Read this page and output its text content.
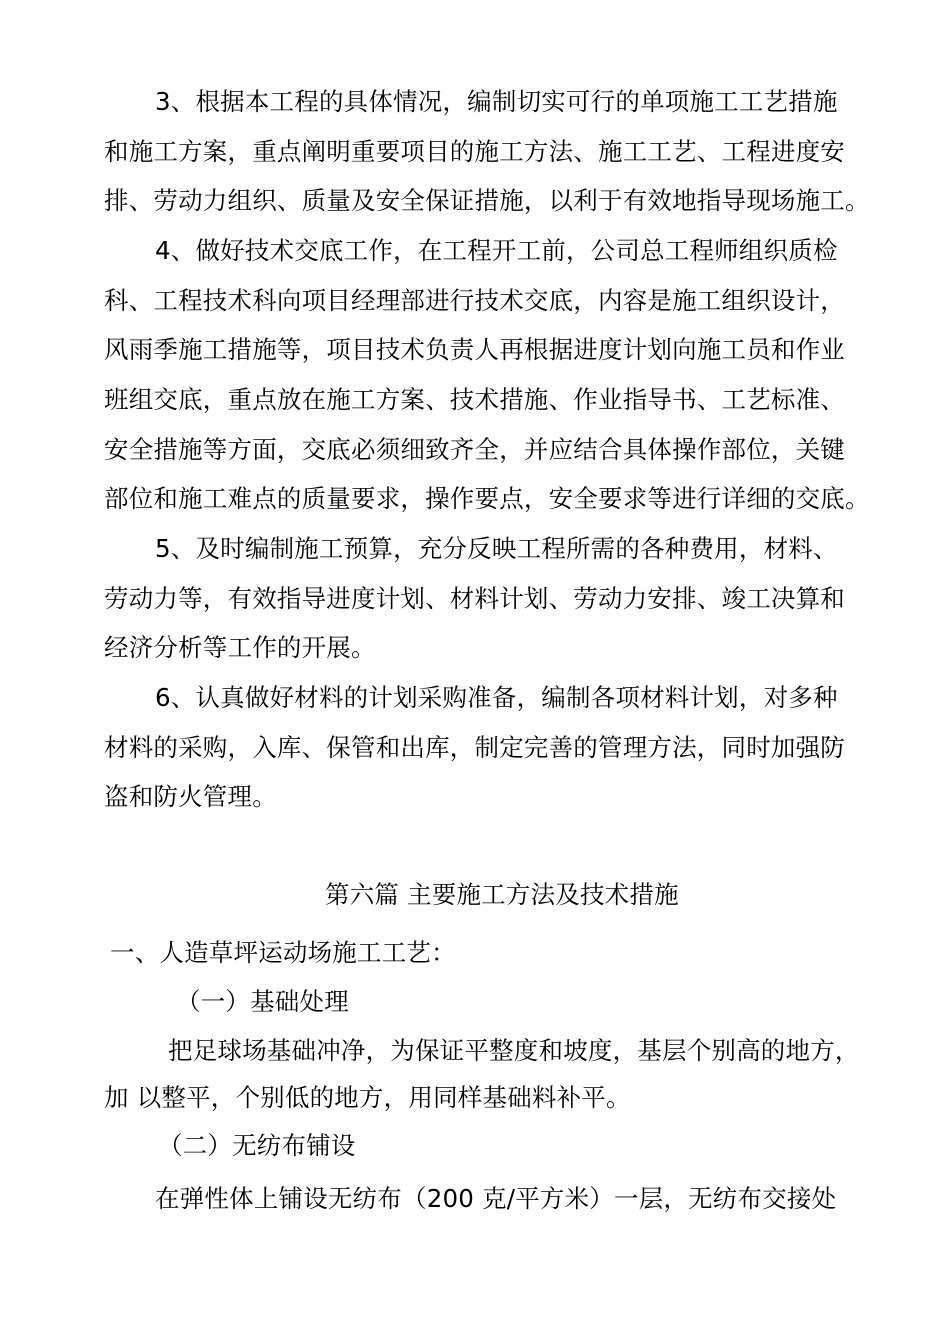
3、根据本工程的具体情况，编制切实可行的单项施工工艺措施
和施工方案，重点阐明重要项目的施工方法、施工工艺、工程进度安
排、劳动力组织、质量及安全保证措施，以利于有效地指导现场施工。
4、做好技术交底工作，在工程开工前，公司总工程师组织质检
科、工程技术科向项目经理部进行技术交底，内容是施工组织设计，
风雨季施工措施等，项目技术负责人再根据进度计划向施工员和作业
班组交底，重点放在施工方案、技术措施、作业指导书、工艺标准、
安全措施等方面，交底必须细致齐全，并应结合具体操作部位，关键
部位和施工难点的质量要求，操作要点，安全要求等进行详细的交底。
5、及时编制施工预算，充分反映工程所需的各种费用，材料、
劳动力等，有效指导进度计划、材料计划、劳动力安排、竣工决算和
经济分析等工作的开展。
6、认真做好材料的计划采购准备，编制各项材料计划，对多种
材料的采购，入库、保管和出库，制定完善的管理方法，同时加强防
盗和防火管理。
第六篇 主要施工方法及技术措施
一、人造草坪运动场施工工艺：
（一）基础处理
把足球场基础冲净，为保证平整度和坡度，基层个别高的地方，
加 以整平，个别低的地方，用同样基础料补平。
（二）无纺布铺设
在弹性体上铺设无纺布（200 克/平方米）一层，无纺布交接处
